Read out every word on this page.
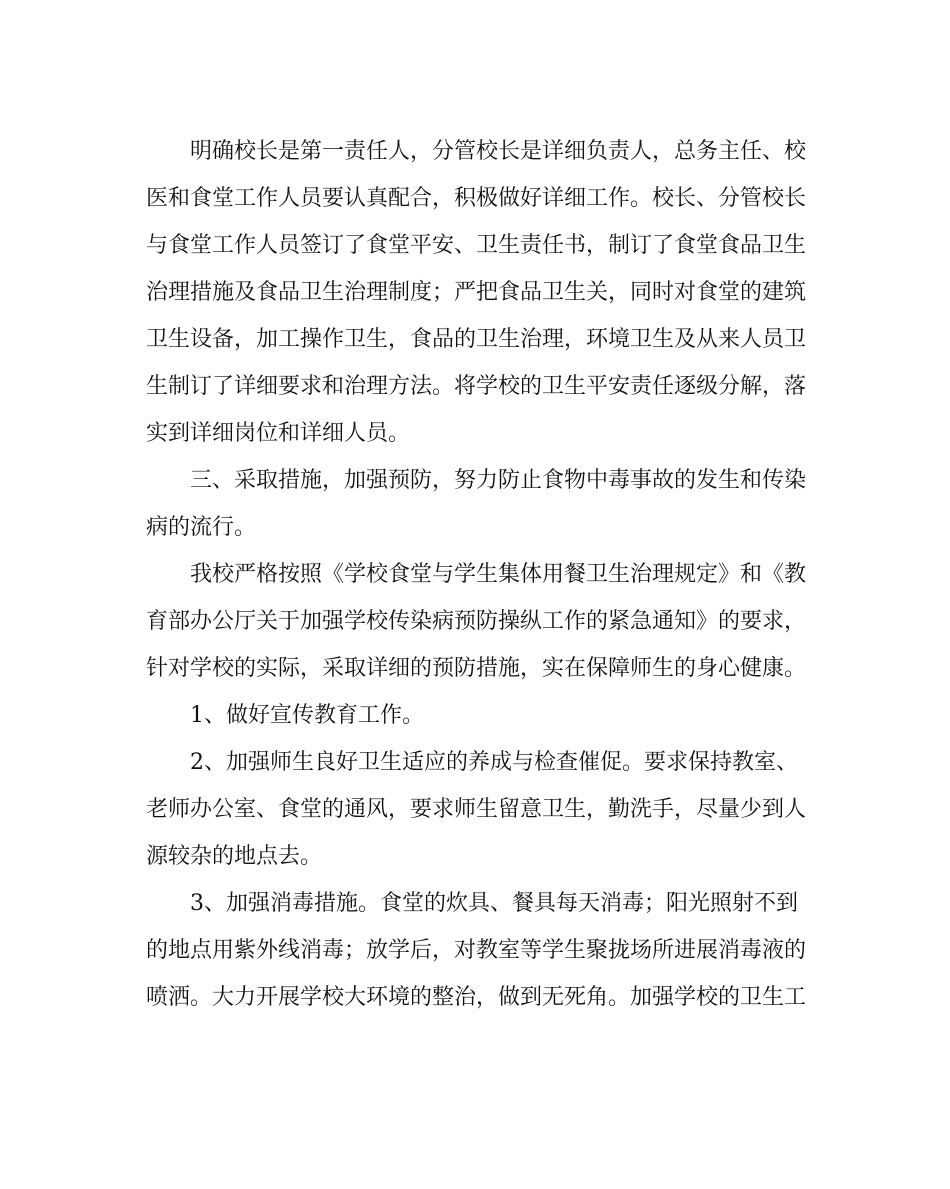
明确校长是第一责任人，分管校长是详细负责人，总务主任、校
医和食堂工作人员要认真配合，积极做好详细工作。校长、分管校长
与食堂工作人员签订了食堂平安、卫生责任书，制订了食堂食品卫生
治理措施及食品卫生治理制度；严把食品卫生关，同时对食堂的建筑
卫生设备，加工操作卫生，食品的卫生治理，环境卫生及从来人员卫
生制订了详细要求和治理方法。将学校的卫生平安责任逐级分解，落
实到详细岗位和详细人员。

三、采取措施，加强预防，努力防止食物中毒事故的发生和传染
病的流行。

我校严格按照《学校食堂与学生集体用餐卫生治理规定》和《教
育部办公厅关于加强学校传染病预防操纵工作的紧急通知》的要求，
针对学校的实际，采取详细的预防措施，实在保障师生的身心健康。

1、做好宣传教育工作。

2、加强师生良好卫生适应的养成与检查催促。要求保持教室、
老师办公室、食堂的通风，要求师生留意卫生，勤洗手，尽量少到人
源较杂的地点去。

3、加强消毒措施。食堂的炊具、餐具每天消毒；阳光照射不到
的地点用紫外线消毒；放学后，对教室等学生聚拢场所进展消毒液的
喷洒。大力开展学校大环境的整治，做到无死角。加强学校的卫生工
